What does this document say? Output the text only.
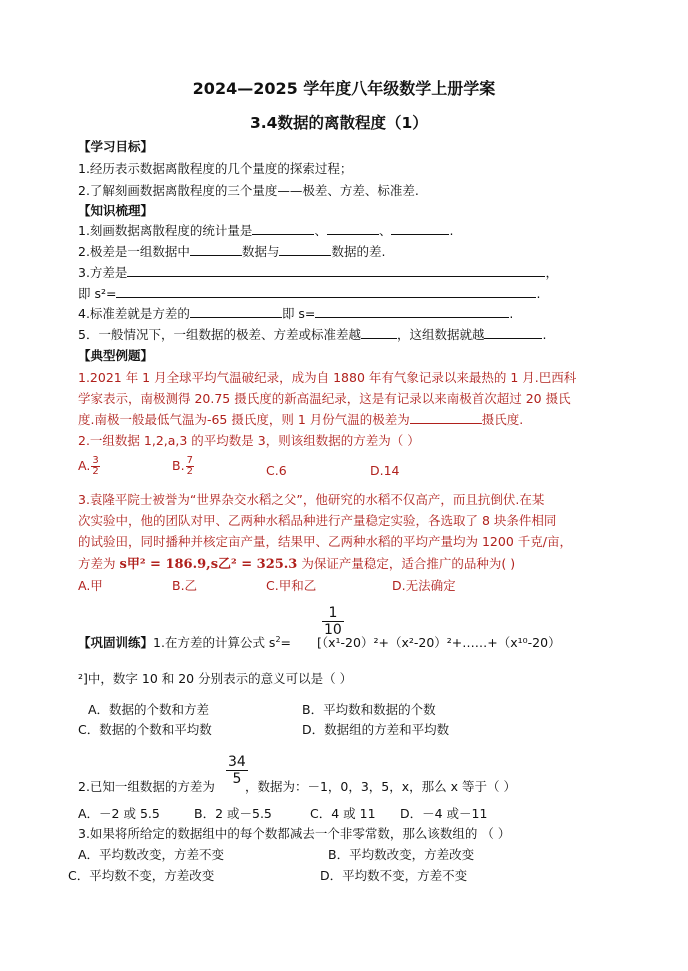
2024—2025 学年度八年级数学上册学案
3.4数据的离散程度（1）
【学习目标】
1.经历表示数据离散程度的几个量度的探索过程；
2.了解刻画数据离散程度的三个量度——极差、方差、标准差.
【知识梳理】
1.刻画数据离散程度的统计量是	、	、	.
2.极差是一组数据中	数据与	数据的差.
3.方差是	，
即 s²=	.
4.标准差就是方差的	即 s=	.
5．一般情况下，一组数据的极差、方差或标准差越	，这组数据就越	.
【典型例题】
1.2021 年 1 月全球平均气温破纪录，成为自 1880 年有气象记录以来最热的 1 月.巴西科
学家表示，南极测得 20.75 摄氏度的新高温纪录，这是有记录以来南极首次超过 20 摄氏
度.南极一般最低气温为-65 摄氏度，则 1 月份气温的极差为	摄氏度.
2.一组数据 1,2,a,3 的平均数是 3，则该组数据的方差为（ ）
A. $\frac{3}{2}$	B. $\frac{7}{2}$	C.6	D.14
3.袁隆平院士被誉为“世界杂交水稻之父”，他研究的水稻不仅高产，而且抗倒伏.在某
次实验中，他的团队对甲、乙两种水稻品种进行产量稳定实验，各选取了 8 块条件相同
的试验田，同时播种并核定亩产量，结果甲、乙两种水稻的平均产量均为 1200 千克/亩，
方差为 s甲² = 186.9,s乙² = 325.3 为保证产量稳定，适合推广的品种为( )
A.甲	B.乙	C.甲和乙	D.无法确定
$\frac{1}{10}$
【巩固训练】1.在方差的计算公式 $s^2=$ [（x¹-20）²+（x²-20）²+……+（x¹⁰-20）
²]中，数字 10 和 20 分别表示的意义可以是（ ）
A．数据的个数和方差	B．平均数和数据的个数
C．数据的个数和平均数	D．数据组的方差和平均数
$\frac{34}{5}$
2.已知一组数据的方差为 ，数据为：－1，0，3，5，x，那么 x 等于（ ）
A．－2 或 5.5	B．2 或－5.5	C．4 或 11 D．－4 或－11
3.如果将所给定的数据组中的每个数都减去一个非零常数，那么该数组的 （ ）
A．平均数改变，方差不变	B．平均数改变，方差改变
C．平均数不变，方差改变	D．平均数不变，方差不变
